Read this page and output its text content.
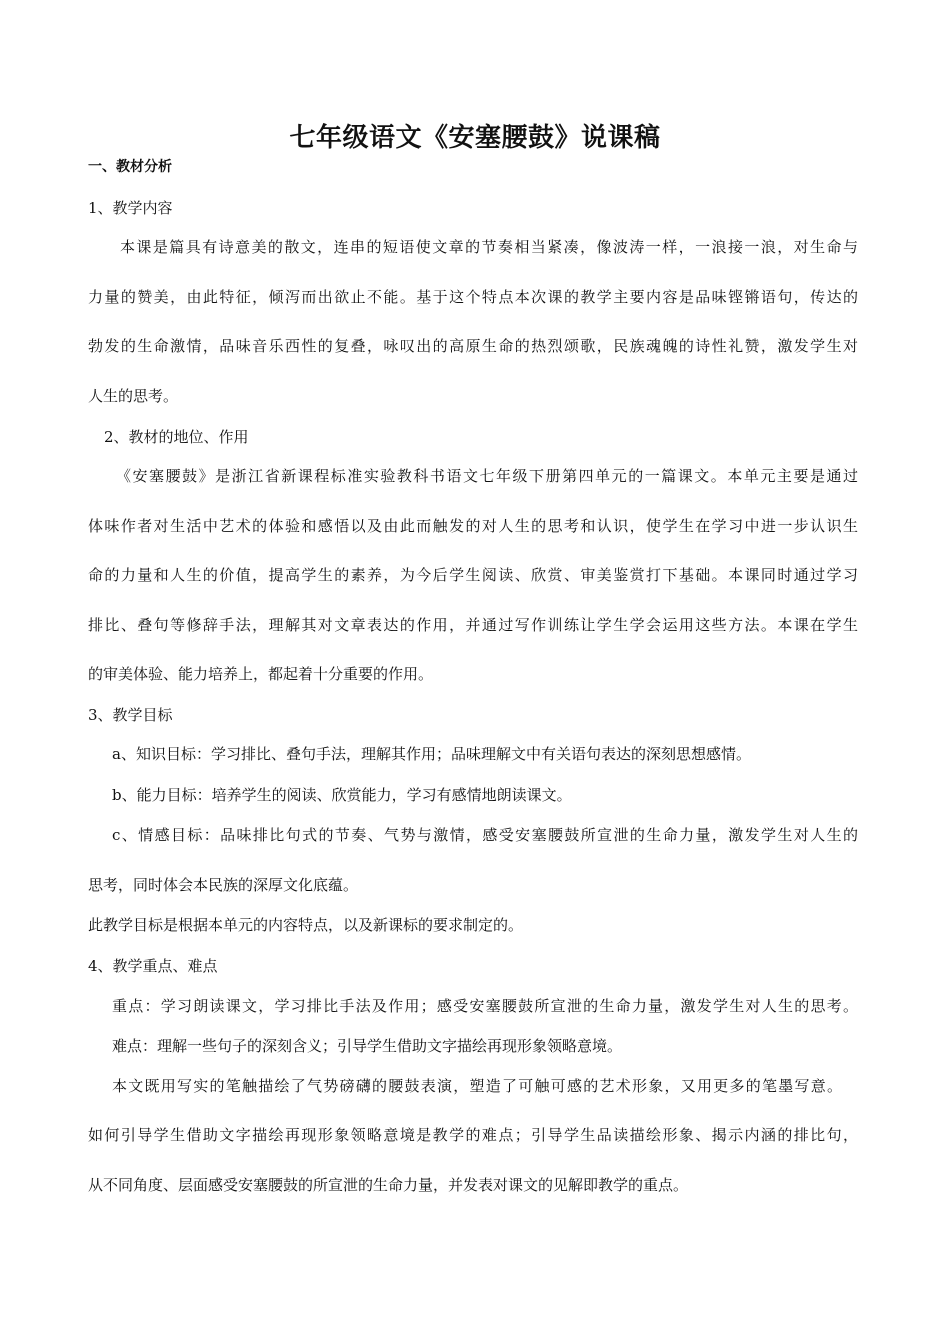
七年级语文《安塞腰鼓》说课稿
一、教材分析
1、教学内容
本课是篇具有诗意美的散文，连串的短语使文章的节奏相当紧凑，像波涛一样，一浪接一浪，对生命与
力量的赞美，由此特征，倾泻而出欲止不能。基于这个特点本次课的教学主要内容是品味铿锵语句，传达的
勃发的生命激情，品味音乐西性的复叠，咏叹出的高原生命的热烈颂歌，民族魂魄的诗性礼赞，激发学生对
人生的思考。
2、教材的地位、作用
《安塞腰鼓》是浙江省新课程标准实验教科书语文七年级下册第四单元的一篇课文。本单元主要是通过
体味作者对生活中艺术的体验和感悟以及由此而触发的对人生的思考和认识，使学生在学习中进一步认识生
命的力量和人生的价值，提高学生的素养，为今后学生阅读、欣赏、审美鉴赏打下基础。本课同时通过学习
排比、叠句等修辞手法，理解其对文章表达的作用，并通过写作训练让学生学会运用这些方法。本课在学生
的审美体验、能力培养上，都起着十分重要的作用。
3、教学目标
a、知识目标：学习排比、叠句手法，理解其作用；品味理解文中有关语句表达的深刻思想感情。
b、能力目标：培养学生的阅读、欣赏能力，学习有感情地朗读课文。
c、情感目标：品味排比句式的节奏、气势与激情，感受安塞腰鼓所宣泄的生命力量，激发学生对人生的
思考，同时体会本民族的深厚文化底蕴。
此教学目标是根据本单元的内容特点，以及新课标的要求制定的。
4、教学重点、难点
重点：学习朗读课文，学习排比手法及作用；感受安塞腰鼓所宣泄的生命力量，激发学生对人生的思考。
难点：理解一些句子的深刻含义；引导学生借助文字描绘再现形象领略意境。
本文既用写实的笔触描绘了气势磅礴的腰鼓表演，塑造了可触可感的艺术形象，又用更多的笔墨写意。
如何引导学生借助文字描绘再现形象领略意境是教学的难点；引导学生品读描绘形象、揭示内涵的排比句，
从不同角度、层面感受安塞腰鼓的所宣泄的生命力量，并发表对课文的见解即教学的重点。
